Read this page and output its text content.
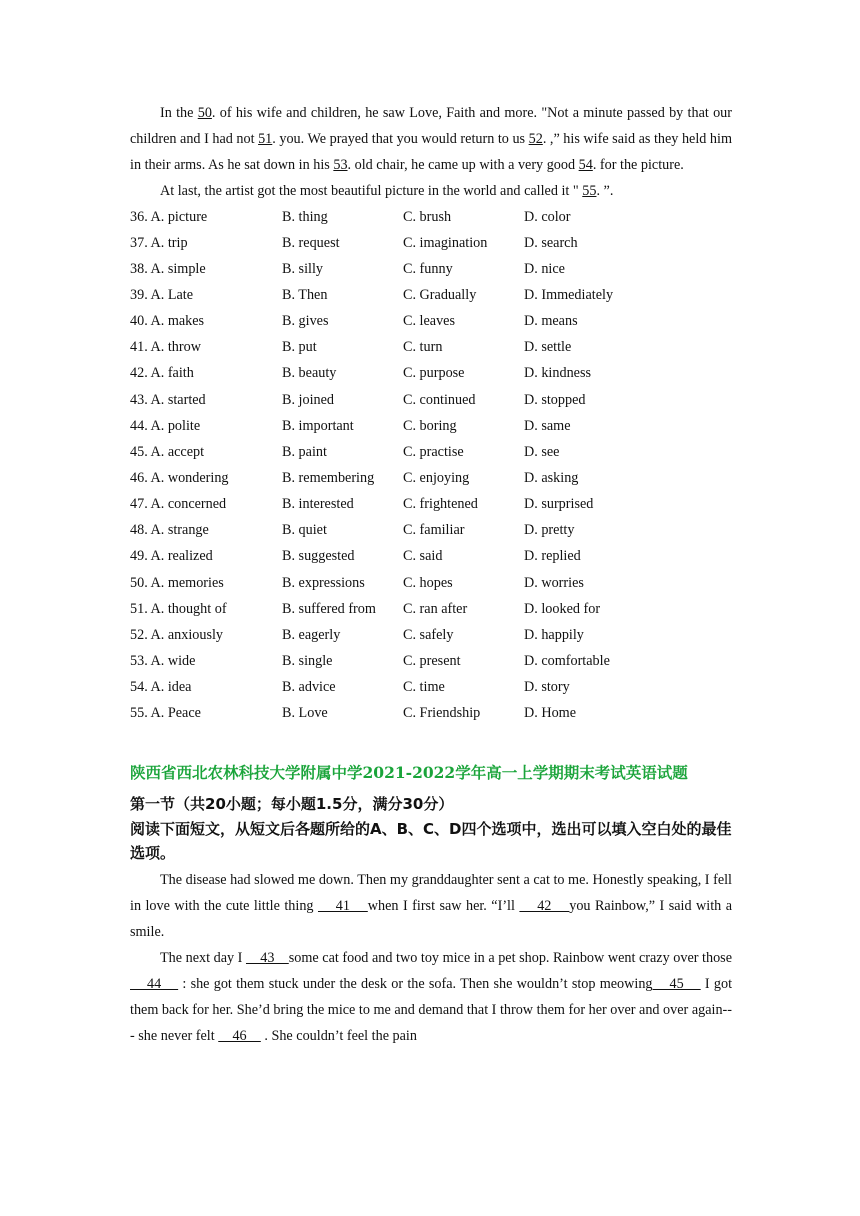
In the 50. of his wife and children, he saw Love, Faith and more. "Not a minute passed by that our children and I had not 51. you. We prayed that you would return to us 52. ,” his wife said as they held him in their arms. As he sat down in his 53. old chair, he came up with a very good 54. for the picture.

At last, the artist got the most beautiful picture in the world and called it " 55. ”.

36. A. picture	B. thing	C. brush	D. color
37. A. trip	B. request	C. imagination	D. search
38. A. simple	B. silly	C. funny	D. nice
39. A. Late	B. Then	C. Gradually	D. Immediately
40. A. makes	B. gives	C. leaves	D. means
41. A. throw	B. put	C. turn	D. settle
42. A. faith	B. beauty	C. purpose	D. kindness
43. A. started	B. joined	C. continued	D. stopped
44. A. polite	B. important	C. boring	D. same
45. A. accept	B. paint	C. practise	D. see
46. A. wondering	B. remembering	C. enjoying	D. asking
47. A. concerned	B. interested	C. frightened	D. surprised
48. A. strange	B. quiet	C. familiar	D. pretty
49. A. realized	B. suggested	C. said	D. replied
50. A. memories	B. expressions	C. hopes	D. worries
51. A. thought of	B. suffered from	C. ran after	D. looked for
52. A. anxiously	B. eagerly	C. safely	D. happily
53. A. wide	B. single	C. present	D. comfortable
54. A. idea	B. advice	C. time	D. story
55. A. Peace	B. Love	C. Friendship	D. Home
陕西省西北农林科技大学附属中学2021-2022学年高一上学期期末考试英语试题
第一节（共20小题；每小题1.5分，满分30分）
阅读下面短文，从短文后各题所给的A、B、C、D四个选项中，选出可以填入空白处的最佳选项。

The disease had slowed me down. Then my granddaughter sent a cat to me. Honestly speaking, I fell in love with the cute little thing     41    when I first saw her. “I’ll     42    you Rainbow,” I said with a smile.

The next day I     43    some cat food and two toy mice in a pet shop. Rainbow went crazy over those     44     : she got them stuck under the desk or the sofa. Then she wouldn’t stop meowing    45     I got them back for her. She’d bring the mice to me and demand that I throw them for her over and over again--- she never felt     46     . She couldn’t feel the pain
